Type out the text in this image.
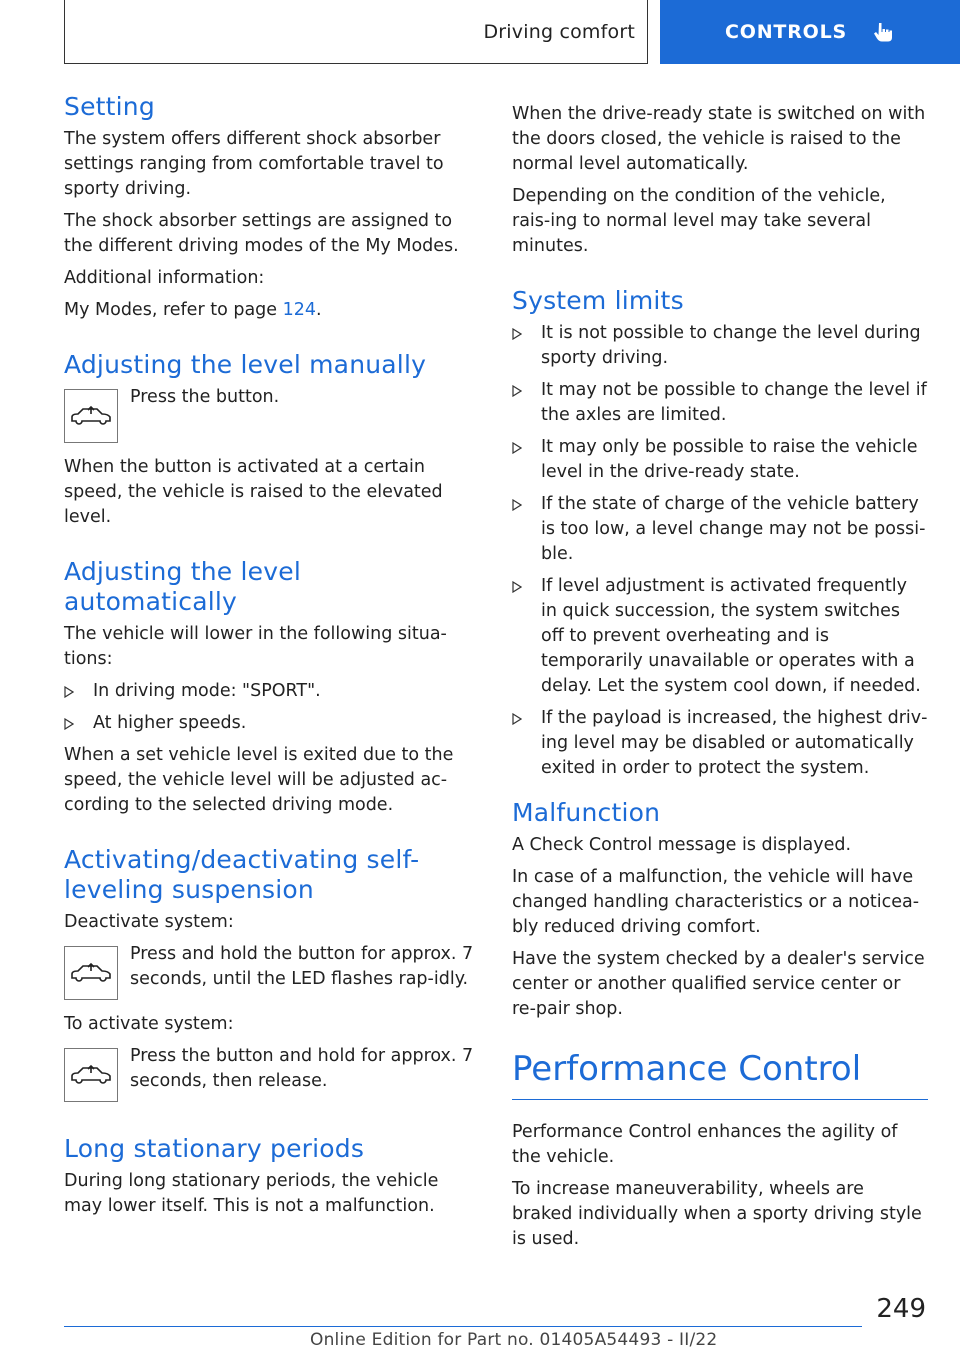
Driving comfort	CONTROLS
Setting

The system offers different shock absorber settings ranging from comfortable travel to sporty driving.

The shock absorber settings are assigned to the different driving modes of the My Modes.

Additional information:

My Modes, refer to page 124.

Adjusting the level manually

Press the button.

When the button is activated at a certain speed, the vehicle is raised to the elevated level.

Adjusting the level automatically

The vehicle will lower in the following situa‐tions:

In driving mode: "SPORT".
At higher speeds.

When a set vehicle level is exited due to the speed, the vehicle level will be adjusted ac‐cording to the selected driving mode.

Activating/deactivating self-leveling suspension

Deactivate system:

Press and hold the button for approx. 7 seconds, until the LED flashes rap‐idly.

To activate system:

Press the button and hold for approx. 7 seconds, then release.

Long stationary periods

During long stationary periods, the vehicle may lower itself. This is not a malfunction.

When the drive-ready state is switched on with the doors closed, the vehicle is raised to the normal level automatically.

Depending on the condition of the vehicle, rais‐ing to normal level may take several minutes.

System limits
It is not possible to change the level during sporty driving.
It may not be possible to change the level if the axles are limited.
It may only be possible to raise the vehicle level in the drive-ready state.
If the state of charge of the vehicle battery is too low, a level change may not be possi‐ble.
If level adjustment is activated frequently in quick succession, the system switches off to prevent overheating and is temporarily unavailable or operates with a delay. Let the system cool down, if needed.
If the payload is increased, the highest driv‐ing level may be disabled or automatically exited in order to protect the system.
Malfunction

A Check Control message is displayed.

In case of a malfunction, the vehicle will have changed handling characteristics or a noticea‐bly reduced driving comfort.

Have the system checked by a dealer's service center or another qualified service center or re‐pair shop.

Performance Control

Performance Control enhances the agility of the vehicle.

To increase maneuverability, wheels are braked individually when a sporty driving style is used.

249
Online Edition for Part no. 01405A54493 - II/22
